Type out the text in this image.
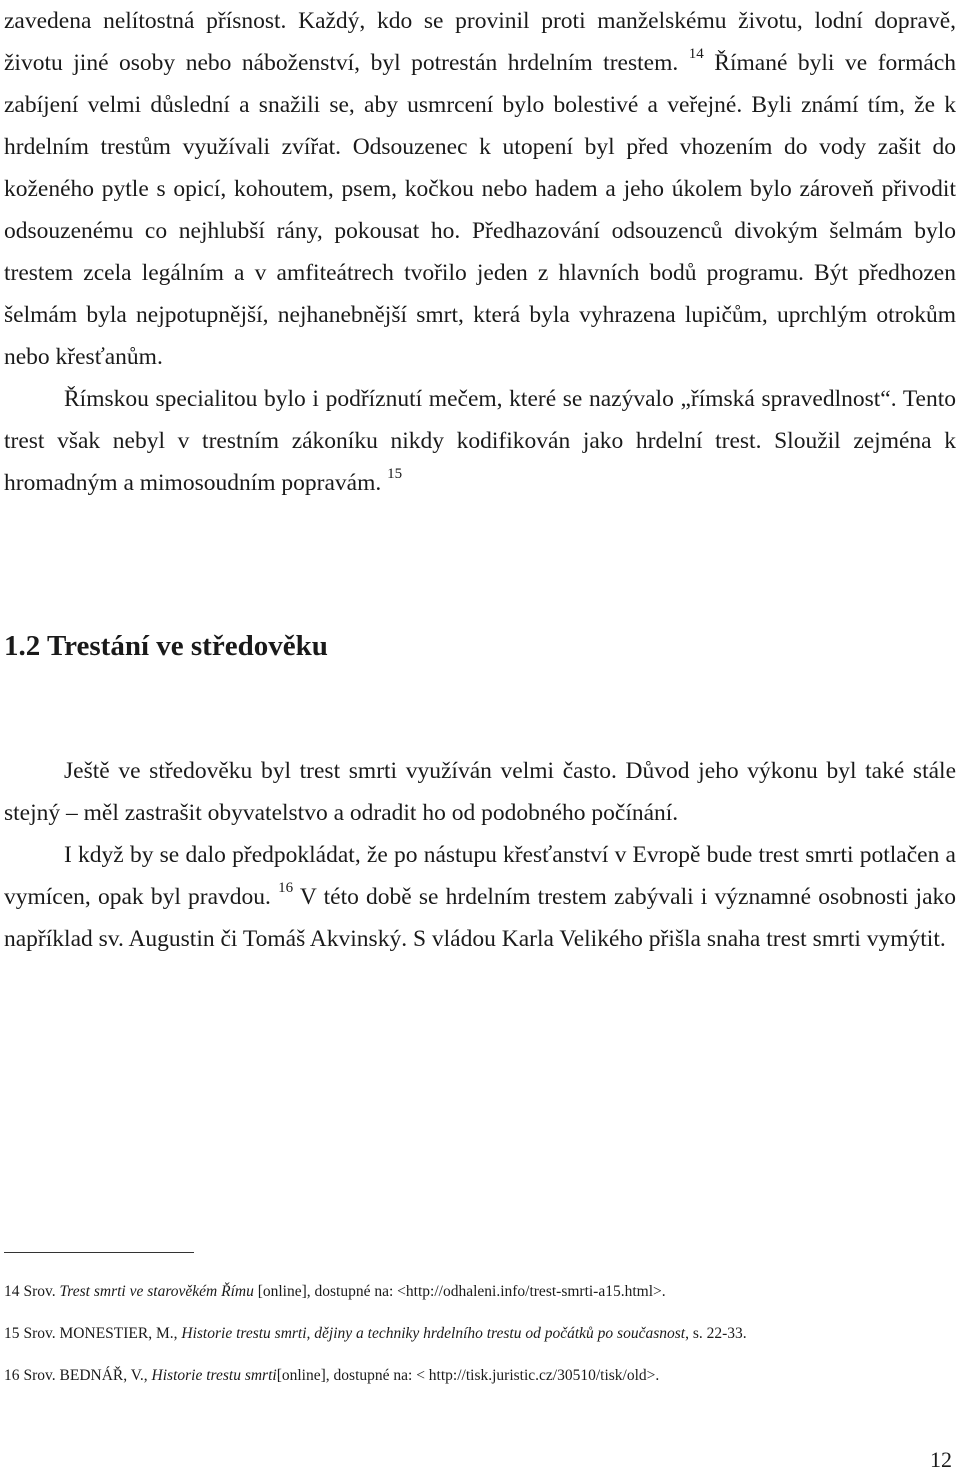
zavedena nelítostná přísnost. Každý, kdo se provinil proti manželskému životu, lodní dopravě, životu jiné osoby nebo náboženství, byl potrestán hrdelním trestem. $^{14}$ Římané byli ve formách zabíjení velmi důslední a snažili se, aby usmrcení bylo bolestivé a veřejné. Byli známí tím, že k hrdelním trestům využívali zvířat. Odsouzenec k utopení byl před vhozením do vody zašit do koženého pytle s opicí, kohoutem, psem, kočkou nebo hadem a jeho úkolem bylo zároveň přivodit odsouzenému co nejhlubší rány, pokousat ho. Předhazování odsouzenců divokým šelmám bylo trestem zcela legálním a v amfiteátrech tvořilo jeden z hlavních bodů programu. Být předhozen šelmám byla nejpotupnější, nejhanebnější smrt, která byla vyhrazena lupičům, uprchlým otrokům nebo křesťanům.

Římskou specialitou bylo i podříznutí mečem, které se nazývalo „římská spravedlnost“. Tento trest však nebyl v trestním zákoníku nikdy kodifikován jako hrdelní trest. Sloužil zejména k hromadným a mimosoudním popravám. $^{15}$

1.2 Trestání ve středověku

Ještě ve středověku byl trest smrti využíván velmi často. Důvod jeho výkonu byl také stále stejný – měl zastrašit obyvatelstvo a odradit ho od podobného počínání.

I když by se dalo předpokládat, že po nástupu křesťanství v Evropě bude trest smrti potlačen a vymícen, opak byl pravdou. $^{16}$ V této době se hrdelním trestem zabývali i významné osobnosti jako například sv. Augustin či Tomáš Akvinský. S vládou Karla Velikého přišla snaha trest smrti vymýtit.

14 Srov. Trest smrti ve starověkém Římu [online], dostupné na: <http://odhaleni.info/trest-smrti-a15.html>.

15 Srov. MONESTIER, M., Historie trestu smrti, dějiny a techniky hrdelního trestu od počátků po současnost, s. 22-33.

16 Srov. BEDNÁŘ, V., Historie trestu smrti[online], dostupné na: < http://tisk.juristic.cz/30510/tisk/old>.

12
